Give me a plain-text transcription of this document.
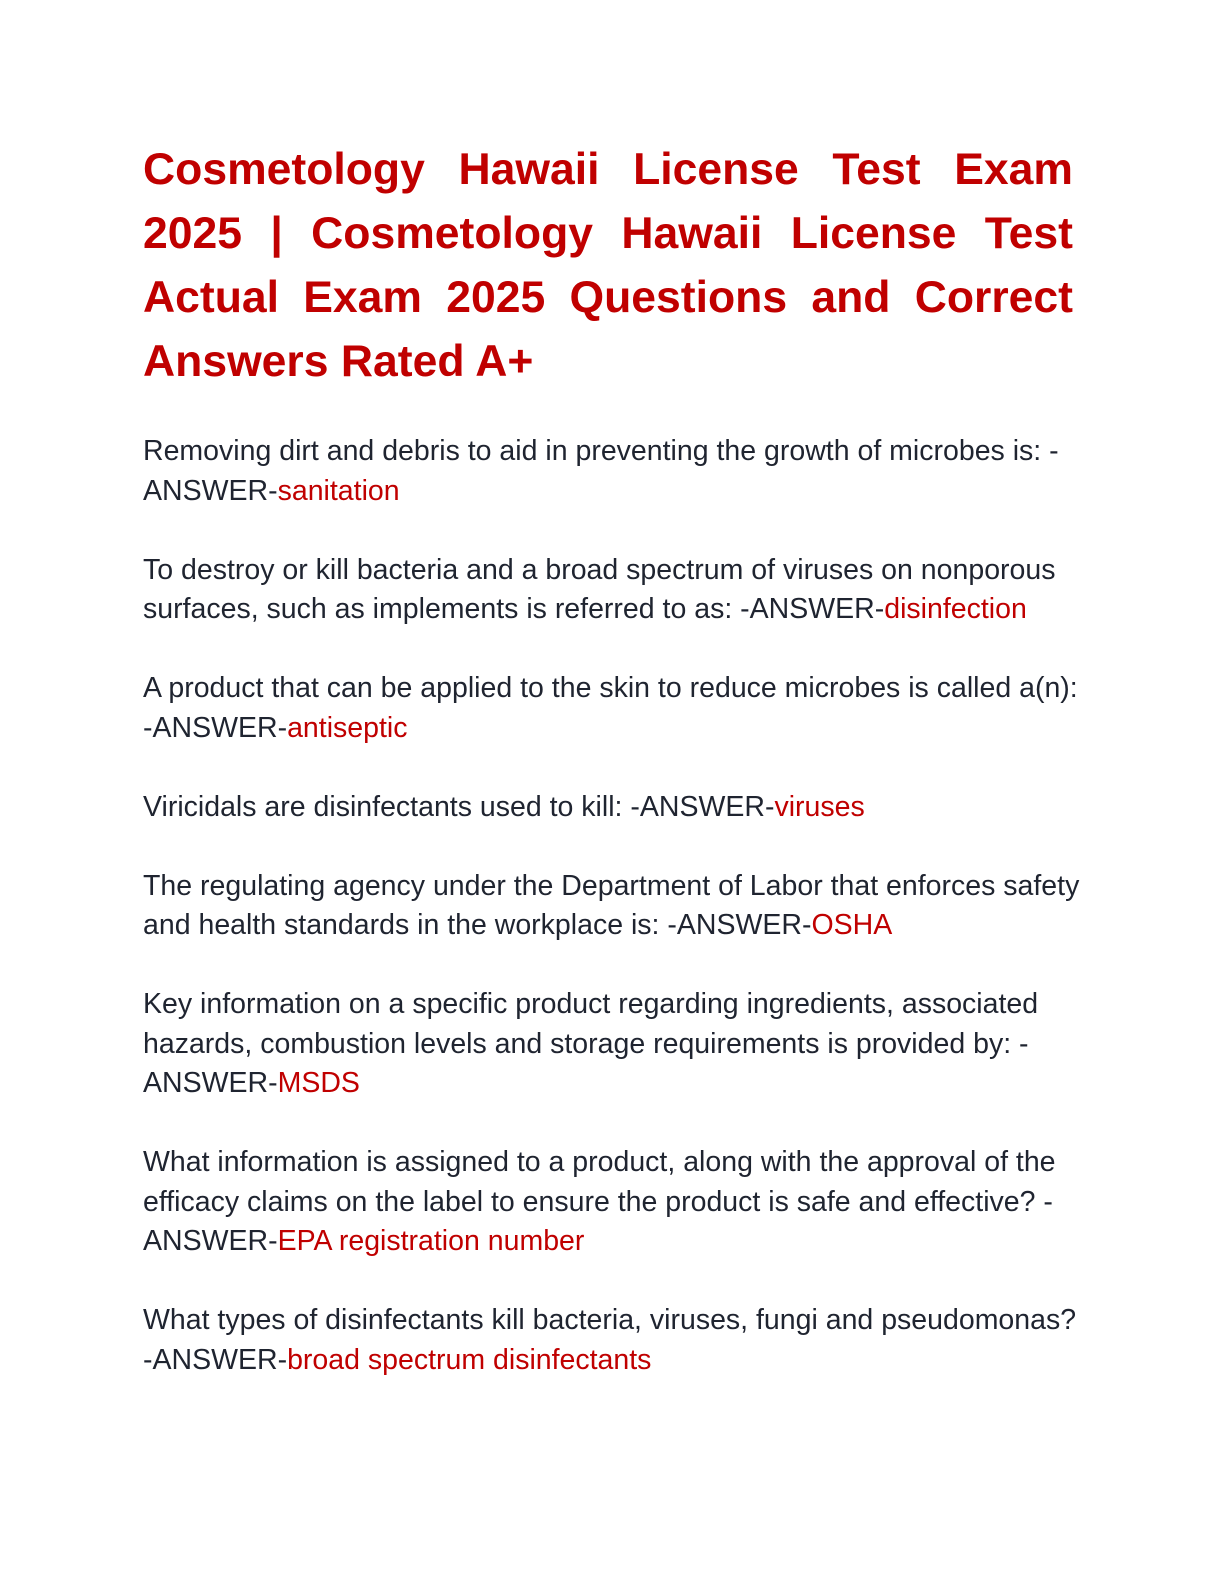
Cosmetology Hawaii License Test Exam 2025 | Cosmetology Hawaii License Test Actual Exam 2025 Questions and Correct Answers Rated A+

Removing dirt and debris to aid in preventing the growth of microbes is: -ANSWER-sanitation

To destroy or kill bacteria and a broad spectrum of viruses on nonporous surfaces, such as implements is referred to as: -ANSWER-disinfection

A product that can be applied to the skin to reduce microbes is called a(n): -ANSWER-antiseptic

Viricidals are disinfectants used to kill: -ANSWER-viruses

The regulating agency under the Department of Labor that enforces safety and health standards in the workplace is: -ANSWER-OSHA

Key information on a specific product regarding ingredients, associated hazards, combustion levels and storage requirements is provided by: -ANSWER-MSDS

What information is assigned to a product, along with the approval of the efficacy claims on the label to ensure the product is safe and effective? -ANSWER-EPA registration number

What types of disinfectants kill bacteria, viruses, fungi and pseudomonas? -ANSWER-broad spectrum disinfectants
